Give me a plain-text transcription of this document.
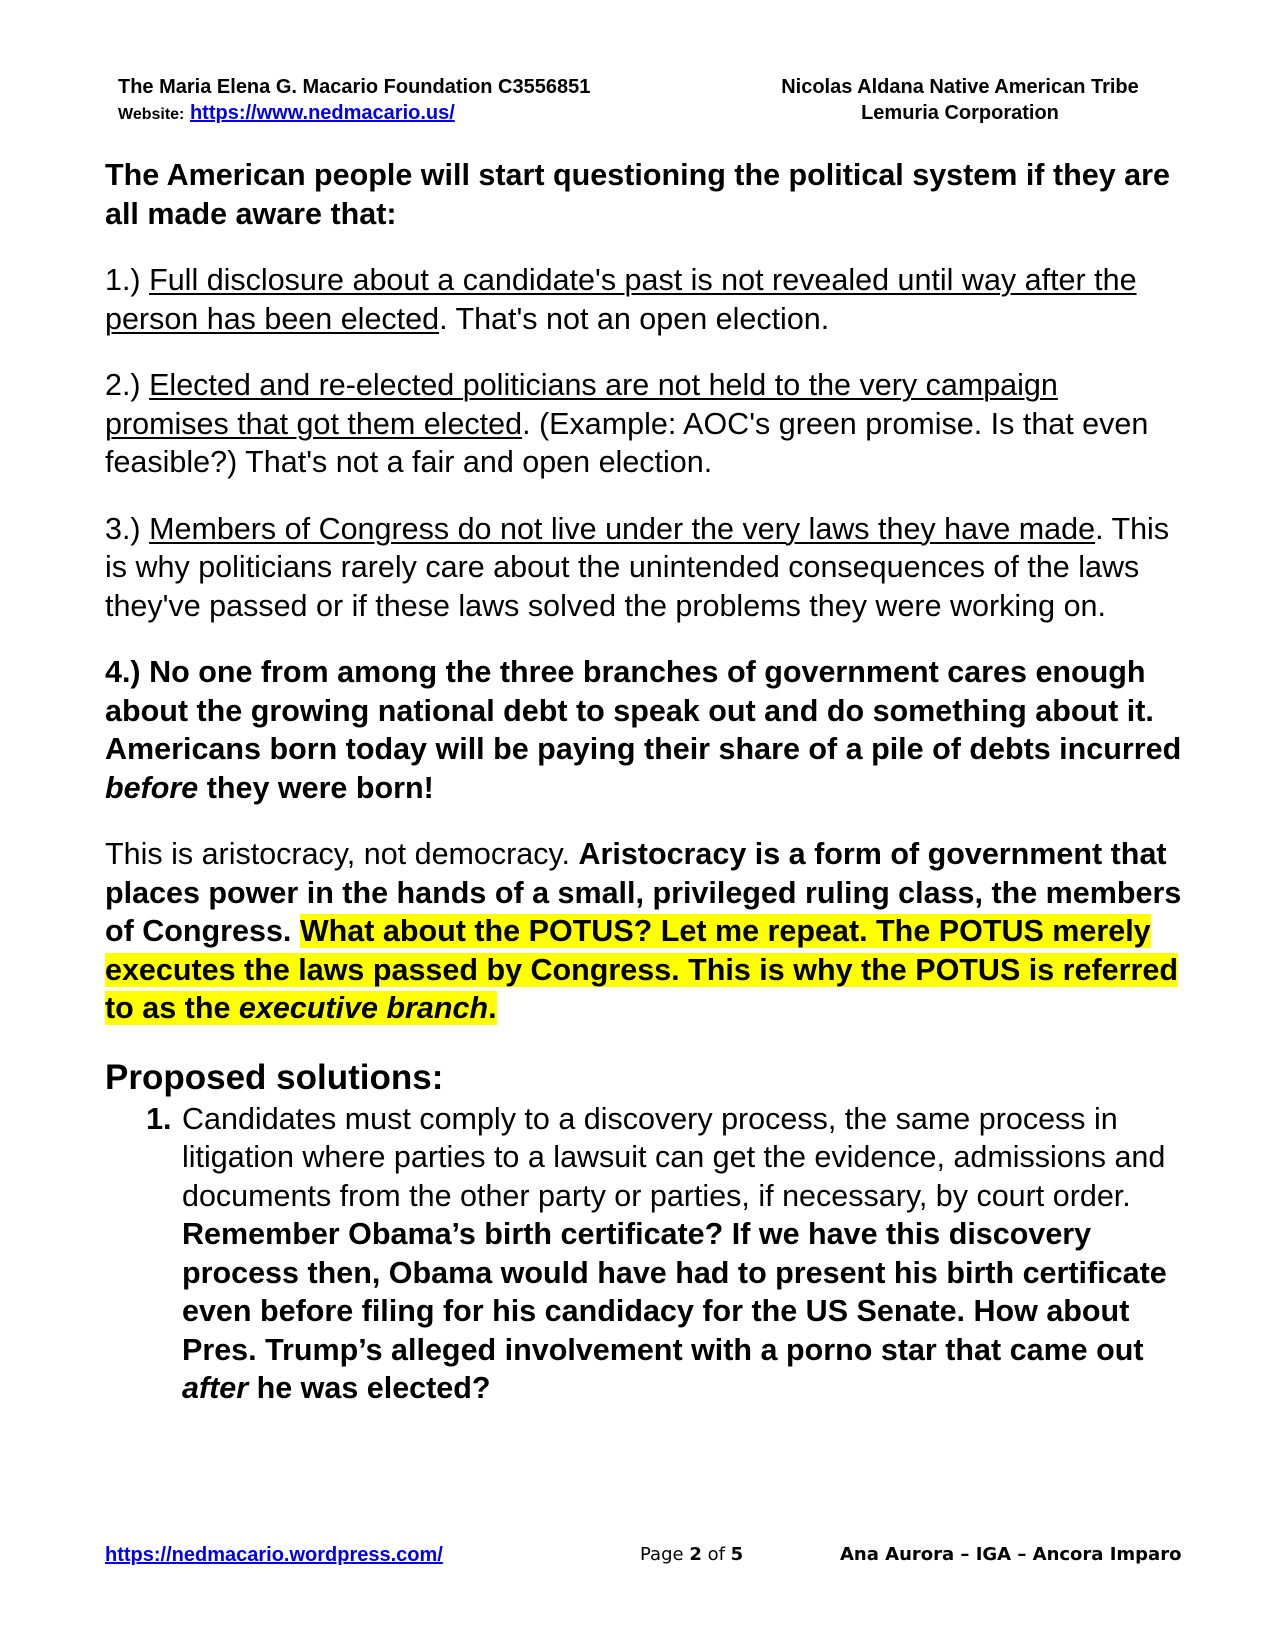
The Maria Elena G. Macario Foundation C3556851
Website: https://www.nedmacario.us/
Nicolas Aldana Native American Tribe
Lemuria Corporation

The American people will start questioning the political system if they are all made aware that:

1.) Full disclosure about a candidate's past is not revealed until way after the person has been elected. That's not an open election.

2.) Elected and re-elected politicians are not held to the very campaign promises that got them elected. (Example: AOC's green promise. Is that even feasible?) That's not a fair and open election.

3.) Members of Congress do not live under the very laws they have made. This is why politicians rarely care about the unintended consequences of the laws they've passed or if these laws solved the problems they were working on.

4.) No one from among the three branches of government cares enough about the growing national debt to speak out and do something about it. Americans born today will be paying their share of a pile of debts incurred before they were born!

This is aristocracy, not democracy. Aristocracy is a form of government that places power in the hands of a small, privileged ruling class, the members of Congress. What about the POTUS? Let me repeat. The POTUS merely executes the laws passed by Congress. This is why the POTUS is referred to as the executive branch.

Proposed solutions:

1. Candidates must comply to a discovery process, the same process in litigation where parties to a lawsuit can get the evidence, admissions and documents from the other party or parties, if necessary, by court order. Remember Obama’s birth certificate? If we have this discovery process then, Obama would have had to present his birth certificate even before filing for his candidacy for the US Senate. How about Pres. Trump’s alleged involvement with a porno star that came out after he was elected?
https://nedmacario.wordpress.com/	Page 2 of 5	Ana Aurora – IGA – Ancora Imparo
